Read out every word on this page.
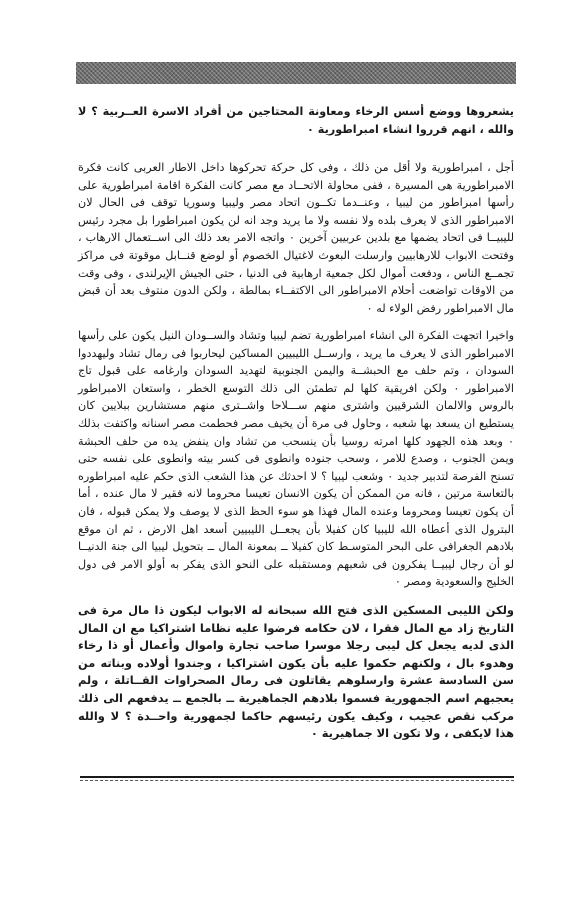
يشعروها ووضع أسس الرخاء ومعاونة المحتاجين من أفراد الاسرة العــربية ؟ لا والله ، انهم قرروا انشاء امبراطورية ٠

أجل ، امبراطورية ولا أقل من ذلك ، وفى كل حركة تحركوها داخل الاطار العربى كانت فكرة الامبراطورية هى المسيرة ، ففى محاولة الاتحــاد مع مصر كانت الفكرة اقامة امبراطورية على رأسها امبراطور من ليبيا ، وعنــدما تكــون اتحاد مصر وليبيا وسوريا توقف فى الحال لان الامبراطور الذى لا يعرف بلده ولا نفسه ولا ما يريد وجد انه لن يكون امبراطورا بل مجرد رئيس لليبيــا فى اتحاد يضمها مع بلدين عربيين آخرين ٠ واتجه الامر بعد ذلك الى اســتعمال الارهاب ، وفتحت الابواب للارهابيين وارسلت البعوث لاغتيال الخصوم أو لوضع قنــابل موقوتة فى مراكز تجمــع الناس ، ودفعت أموال لكل جمعية ارهابية فى الدنيا ، حتى الجيش الإيرلندى ، وفى وقت من الاوقات تواضعت أحلام الامبراطور الى الاكتفــاء بمالطة ، ولكن الدون منتوف بعد أن قبض مال الامبراطور رفض الولاء له ٠

واخيرا اتجهت الفكرة الى انشاء امبراطورية تضم ليبيا وتشاد والســودان النيل يكون على رأسها الامبراطور الذى لا يعرف ما يريد ، وارســل الليبيين المساكين ليحاربوا فى رمال تشاد وليهددوا السودان ، وتم حلف مع الحبشــة واليمن الجنوبية لتهديد السودان وارغامه على قبول تاج الامبراطور ٠ ولكن افريقية كلها لم تطمئن الى ذلك التوسع الخطر ، واستعان الامبراطور بالروس والالمان الشرقيين واشترى منهم ســـلاحا واشــترى منهم مستشارين ببلايين كان يستطيع ان يسعد بها شعبه ، وحاول فى مرة أن يخيف مصر فحطمت مصر اسنانه واكتفت بذلك ٠ وبعد هذه الجهود كلها امرته روسيا بأن ينسحب من تشاد وان ينفض يده من حلف الحبشة ويمن الجنوب ، وصدع للامر ، وسحب جنوده وانطوى فى كسر بيته وانطوى على نفسه حتى تسنح الفرصة لتدبير جديد ٠ وشعب ليبيا ؟ لا احدثك عن هذا الشعب الذى حكم عليه امبراطوره بالتعاسة مرتين ، فانه من الممكن أن يكون الانسان تعيسا محروما لانه فقير لا مال عنده ، أما أن يكون تعيسا ومحروما وعنده المال فهذا هو سوء الحظ الذى لا يوصف ولا يمكن قبوله ، فان البترول الذى أعطاه الله لليبيا كان كفيلا بأن يجعــل الليبيين أسعد اهل الارض ، ثم ان موقع بلادهم الجغرافى على البحر المتوسـط كان كفيلا ــ بمعونة المال ــ بتحويل ليبيا الى جنة الدنيــا لو أن رجال ليبيــا يفكرون فى شعبهم ومستقبله على النحو الذى يفكر به أولو الامر فى دول الخليج والسعودية ومصر ٠

ولكن الليبى المسكين الذى فتح الله سبحانه له الابواب ليكون ذا مال مرة فى التاريخ زاد مع المال فقرا ، لان حكامه فرضوا عليه نظاما اشتراكيا مع ان المال الذى لديه يجعل كل ليبى رجلا موسرا صاحب تجارة واموال وأعمال أو ذا رخاء وهدوء بال ، ولكنهم حكموا عليه بأن يكون اشتراكيا ، وجندوا أولاده وبناته من سن السادسة عشرة وارسلوهم يقاتلون فى رمال الصحراوات القــاتلة ، ولم يعجبهم اسم الجمهورية فسموا بلادهم الجماهيرية ــ بالجمع ــ يدفعهم الى ذلك مركب نقص عجيب ، وكيف يكون رئيسهم حاكما لجمهورية واحــدة ؟ لا والله هذا لايكفى ، ولا تكون الا جماهيرية ٠
